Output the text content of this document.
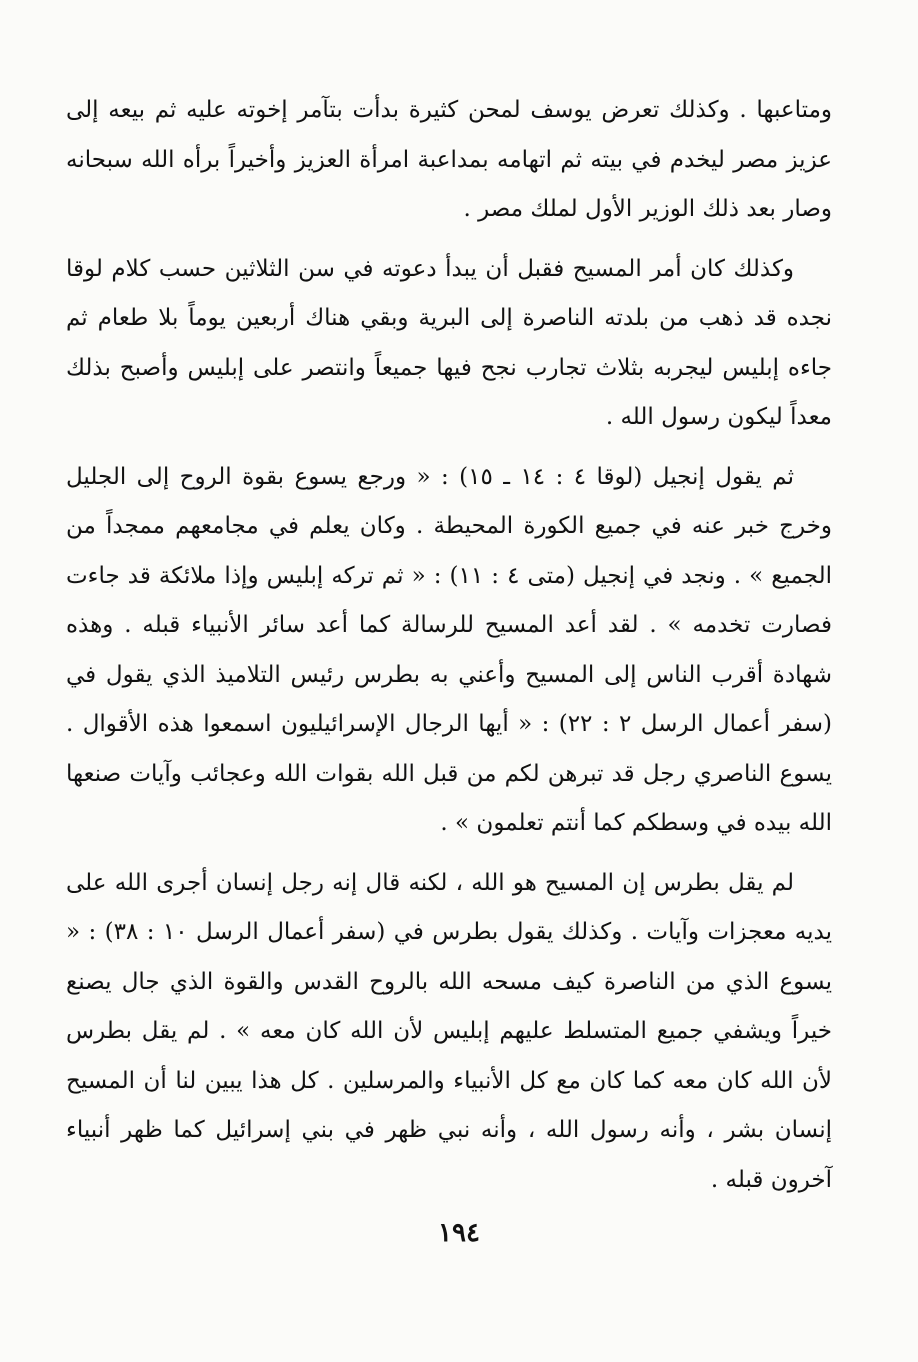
ومتاعبها . وكذلك تعرض يوسف لمحن كثيرة بدأت بتآمر إخوته عليه ثم بيعه إلى عزيز مصر ليخدم في بيته ثم اتهامه بمداعبة امرأة العزيز وأخيراً برأه الله سبحانه وصار بعد ذلك الوزير الأول لملك مصر .

وكذلك كان أمر المسيح فقبل أن يبدأ دعوته في سن الثلاثين حسب كلام لوقا نجده قد ذهب من بلدته الناصرة إلى البرية وبقي هناك أربعين يوماً بلا طعام ثم جاءه إبليس ليجربه بثلاث تجارب نجح فيها جميعاً وانتصر على إبليس وأصبح بذلك معداً ليكون رسول الله .

ثم يقول إنجيل (لوقا ٤ : ١٤ ـ ١٥) : « ورجع يسوع بقوة الروح إلى الجليل وخرج خبر عنه في جميع الكورة المحيطة . وكان يعلم في مجامعهم ممجداً من الجميع » . ونجد في إنجيل (متى ٤ : ١١) : « ثم تركه إبليس وإذا ملائكة قد جاءت فصارت تخدمه » . لقد أعد المسيح للرسالة كما أعد سائر الأنبياء قبله . وهذه شهادة أقرب الناس إلى المسيح وأعني به بطرس رئيس التلاميذ الذي يقول في (سفر أعمال الرسل ٢ : ٢٢) : « أيها الرجال الإسرائيليون اسمعوا هذه الأقوال . يسوع الناصري رجل قد تبرهن لكم من قبل الله بقوات الله وعجائب وآيات صنعها الله بيده في وسطكم كما أنتم تعلمون » .

لم يقل بطرس إن المسيح هو الله ، لكنه قال إنه رجل إنسان أجرى الله على يديه معجزات وآيات . وكذلك يقول بطرس في (سفر أعمال الرسل ١٠ : ٣٨) : « يسوع الذي من الناصرة كيف مسحه الله بالروح القدس والقوة الذي جال يصنع خيراً ويشفي جميع المتسلط عليهم إبليس لأن الله كان معه » . لم يقل بطرس لأن الله كان معه كما كان مع كل الأنبياء والمرسلين . كل هذا يبين لنا أن المسيح إنسان بشر ، وأنه رسول الله ، وأنه نبي ظهر في بني إسرائيل كما ظهر أنبياء آخرون قبله .

١٩٤
